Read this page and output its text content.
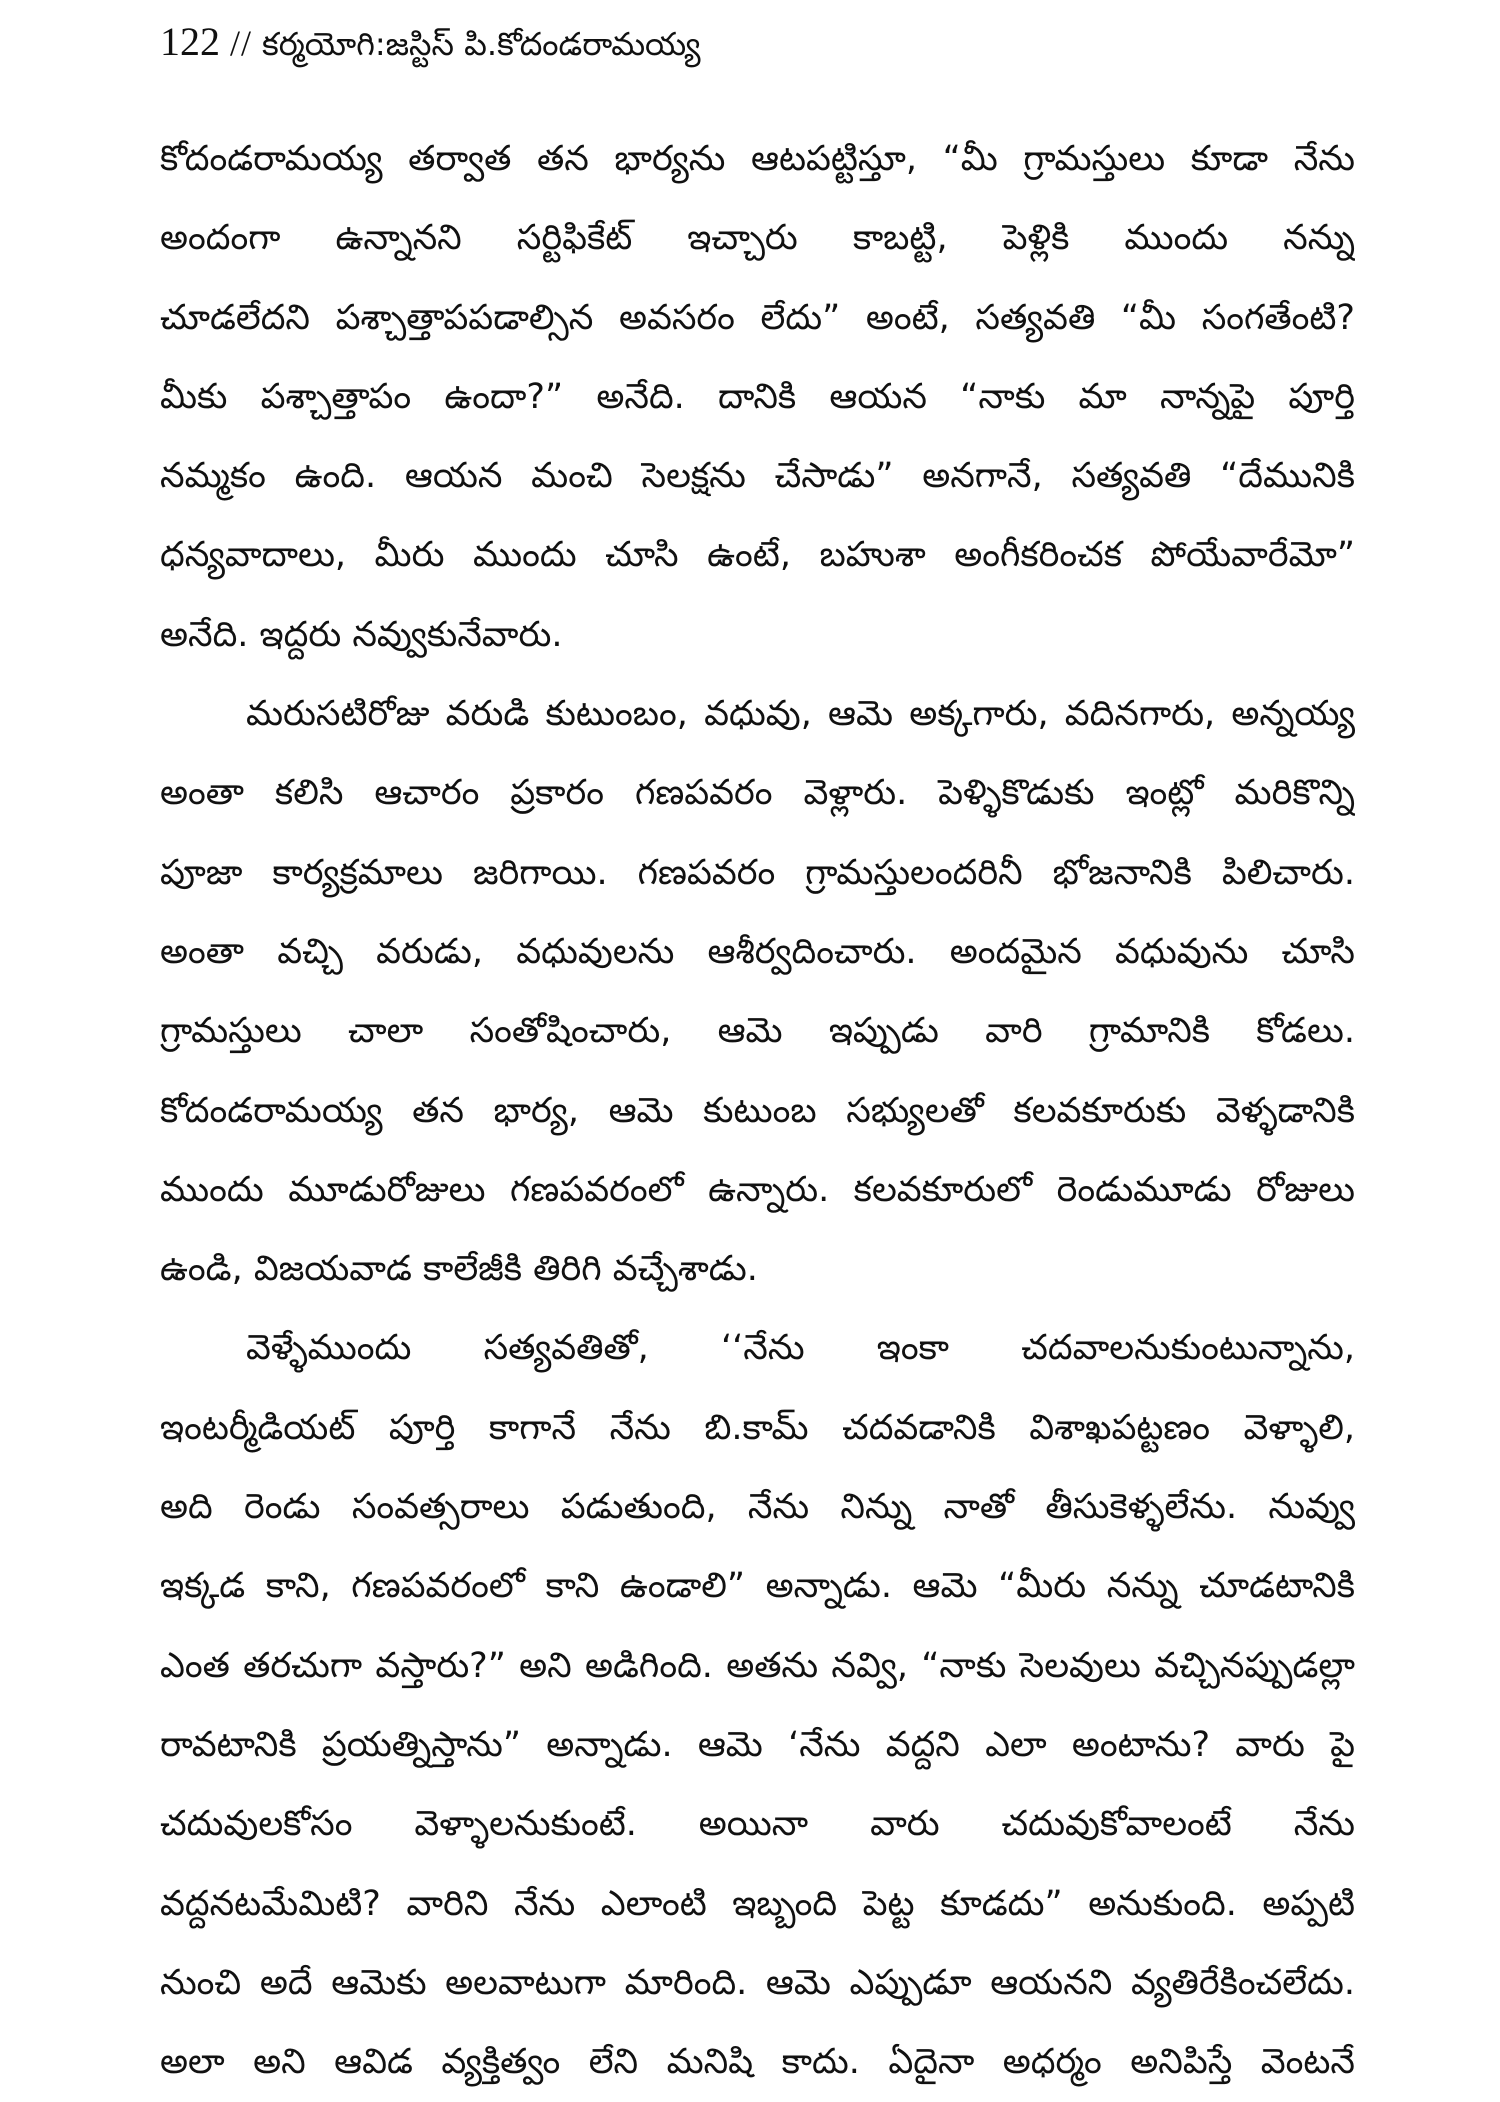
122 // కర్మయోగి:జస్టిస్ పి.కోదండరామయ్య
కోదండరామయ్య తర్వాత తన భార్యను ఆటపట్టిస్తూ, “మీ గ్రామస్తులు కూడా నేను
అందంగా ఉన్నానని సర్టిఫికేట్ ఇచ్చారు కాబట్టి, పెళ్లికి ముందు నన్ను
చూడలేదని పశ్చాత్తాపపడాల్సిన అవసరం లేదు” అంటే, సత్యవతి “మీ సంగతేంటి?
మీకు పశ్చాత్తాపం ఉందా?” అనేది. దానికి ఆయన “నాకు మా నాన్నపై పూర్తి
నమ్మకం ఉంది. ఆయన మంచి సెలక్షను చేసాడు” అనగానే, సత్యవతి “దేమునికి
ధన్యవాదాలు, మీరు ముందు చూసి ఉంటే, బహుశా అంగీకరించక పోయేవారేమో”
అనేది. ఇద్దరు నవ్వుకునేవారు.
మరుసటిరోజు వరుడి కుటుంబం, వధువు, ఆమె అక్కగారు, వదినగారు, అన్నయ్య
అంతా కలిసి ఆచారం ప్రకారం గణపవరం వెళ్లారు. పెళ్ళికొడుకు ఇంట్లో మరికొన్ని
పూజా కార్యక్రమాలు జరిగాయి. గణపవరం గ్రామస్తులందరినీ భోజనానికి పిలిచారు.
అంతా వచ్చి వరుడు, వధువులను ఆశీర్వదించారు. అందమైన వధువును చూసి
గ్రామస్తులు చాలా సంతోషించారు, ఆమె ఇప్పుడు వారి గ్రామానికి కోడలు.
కోదండరామయ్య తన భార్య, ఆమె కుటుంబ సభ్యులతో కలవకూరుకు వెళ్ళడానికి
ముందు మూడురోజులు గణపవరంలో ఉన్నారు. కలవకూరులో రెండుమూడు రోజులు
ఉండి, విజయవాడ కాలేజీకి తిరిగి వచ్చేశాడు.
వెళ్ళేముందు సత్యవతితో, ‘‘నేను ఇంకా చదవాలనుకుంటున్నాను,
ఇంటర్మీడియట్ పూర్తి కాగానే నేను బి.కామ్ చదవడానికి విశాఖపట్టణం వెళ్ళాలి,
అది రెండు సంవత్సరాలు పడుతుంది, నేను నిన్ను నాతో తీసుకెళ్ళలేను. నువ్వు
ఇక్కడ కాని, గణపవరంలో కాని ఉండాలి” అన్నాడు. ఆమె “మీరు నన్ను చూడటానికి
ఎంత తరచుగా వస్తారు?” అని అడిగింది. అతను నవ్వి, “నాకు సెలవులు వచ్చినప్పుడల్లా
రావటానికి ప్రయత్నిస్తాను” అన్నాడు. ఆమె ‘నేను వద్దని ఎలా అంటాను? వారు పై
చదువులకోసం వెళ్ళాలనుకుంటే. అయినా వారు చదువుకోవాలంటే నేను
వద్దనటమేమిటి? వారిని నేను ఎలాంటి ఇబ్బంది పెట్ట కూడదు” అనుకుంది. అప్పటి
నుంచి అదే ఆమెకు అలవాటుగా మారింది. ఆమె ఎప్పుడూ ఆయనని వ్యతిరేకించలేదు.
అలా అని ఆవిడ వ్యక్తిత్వం లేని మనిషి కాదు. ఏదైనా అధర్మం అనిపిస్తే వెంటనే
